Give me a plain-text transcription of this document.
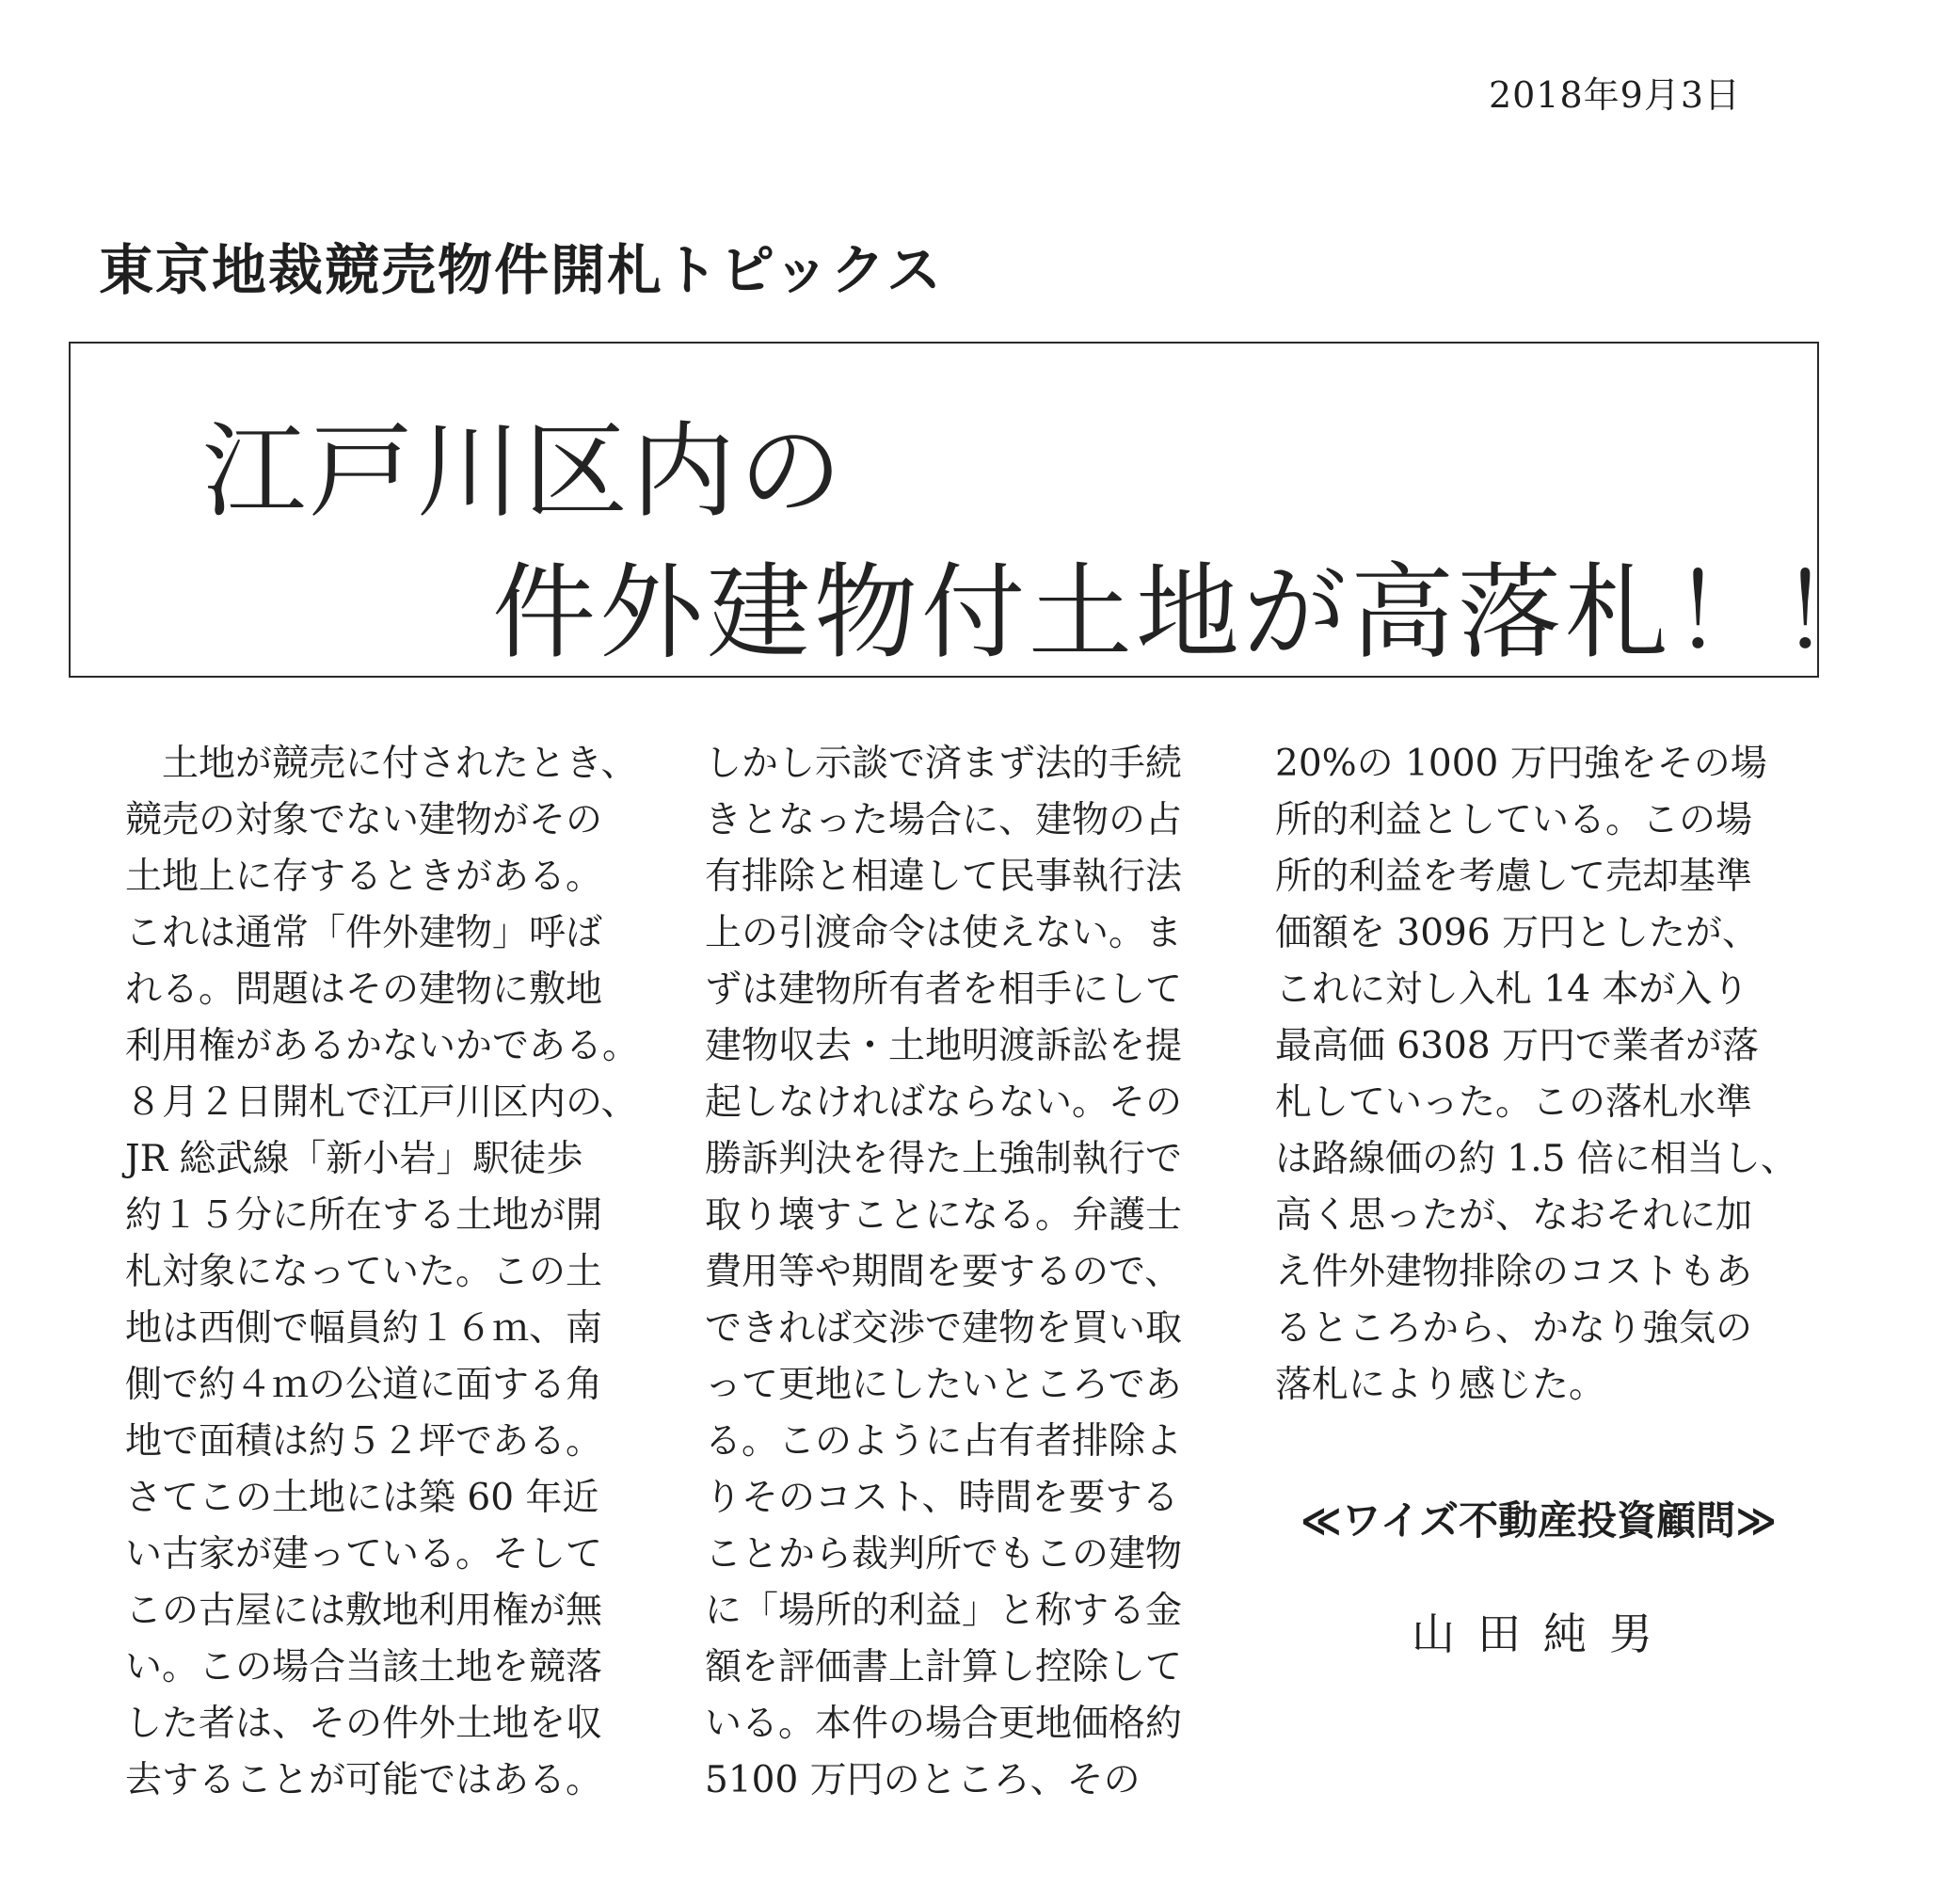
2018年9月3日
東京地裁競売物件開札トピックス
江戸川区内の
件外建物付土地が高落札！！
　土地が競売に付されたとき、
競売の対象でない建物がその
土地上に存するときがある。
これは通常「件外建物」呼ば
れる。問題はその建物に敷地
利用権があるかないかである。
８月２日開札で江戸川区内の、
JR 総武線「新小岩」駅徒歩
約１５分に所在する土地が開
札対象になっていた。この土
地は西側で幅員約１６ｍ、南
側で約４ｍの公道に面する角
地で面積は約５２坪である。
さてこの土地には築 60 年近
い古家が建っている。そして
この古屋には敷地利用権が無
い。この場合当該土地を競落
した者は、その件外土地を収
去することが可能ではある。
しかし示談で済まず法的手続
きとなった場合に、建物の占
有排除と相違して民事執行法
上の引渡命令は使えない。ま
ずは建物所有者を相手にして
建物収去・土地明渡訴訟を提
起しなければならない。その
勝訴判決を得た上強制執行で
取り壊すことになる。弁護士
費用等や期間を要するので、
できれば交渉で建物を買い取
って更地にしたいところであ
る。このように占有者排除よ
りそのコスト、時間を要する
ことから裁判所でもこの建物
に「場所的利益」と称する金
額を評価書上計算し控除して
いる。本件の場合更地価格約
5100 万円のところ、その
20%の 1000 万円強をその場
所的利益としている。この場
所的利益を考慮して売却基準
価額を 3096 万円としたが、
これに対し入札 14 本が入り
最高価 6308 万円で業者が落
札していった。この落札水準
は路線価の約 1.5 倍に相当し、
高く思ったが、なおそれに加
え件外建物排除のコストもあ
るところから、かなり強気の
落札により感じた。
≪ワイズ不動産投資顧問≫
山田純男
